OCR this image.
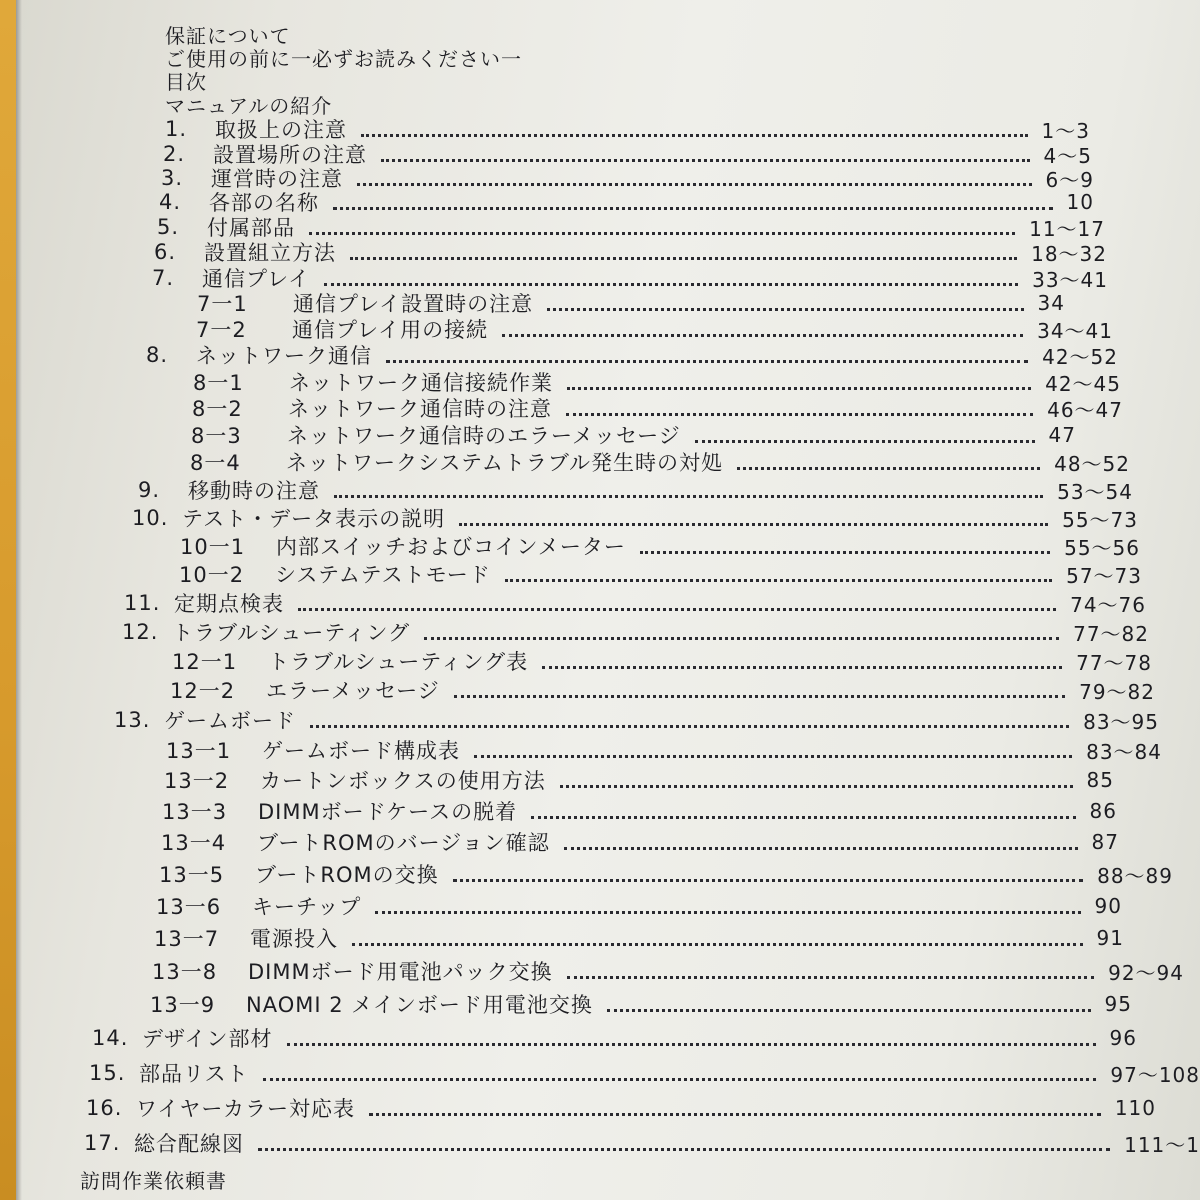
保証について
ご使用の前に一必ずお読みください一
目次
マニュアルの紹介
1.	取扱上の注意	1～3
2.	設置場所の注意	4～5
3.	運営時の注意	6～9
4.	各部の名称	10
5.	付属部品	11～17
6.	設置組立方法	18～32
7.	通信プレイ	33～41
7一1	通信プレイ設置時の注意	34
7一2	通信プレイ用の接続	34～41
8.	ネットワーク通信	42～52
8一1	ネットワーク通信接続作業	42～45
8一2	ネットワーク通信時の注意	46～47
8一3	ネットワーク通信時のエラーメッセージ	47
8一4	ネットワークシステムトラブル発生時の対処	48～52
9.	移動時の注意	53～54
10. テスト・データ表示の説明	55～73
10一1	内部スイッチおよびコインメーター	55～56
10一2	システムテストモード	57～73
11. 定期点検表	74～76
12. トラブルシューティング	77～82
12一1	トラブルシューティング表	77～78
12一2	エラーメッセージ	79～82
13. ゲームボード	83～95
13一1	ゲームボード構成表	83～84
13一2	カートンボックスの使用方法	85
13一3	DIMMボードケースの脱着	86
13一4	ブートROMのバージョン確認	87
13一5	ブートROMの交換	88～89
13一6	キーチップ	90
13一7	電源投入	91
13一8	DIMMボード用電池パック交換	92～94
13一9	NAOMI 2 メインボード用電池交換	95
14. デザイン部材	96
15. 部品リスト	97～108
16. ワイヤーカラー対応表	110
17. 総合配線図	111～1
訪問作業依頼書
